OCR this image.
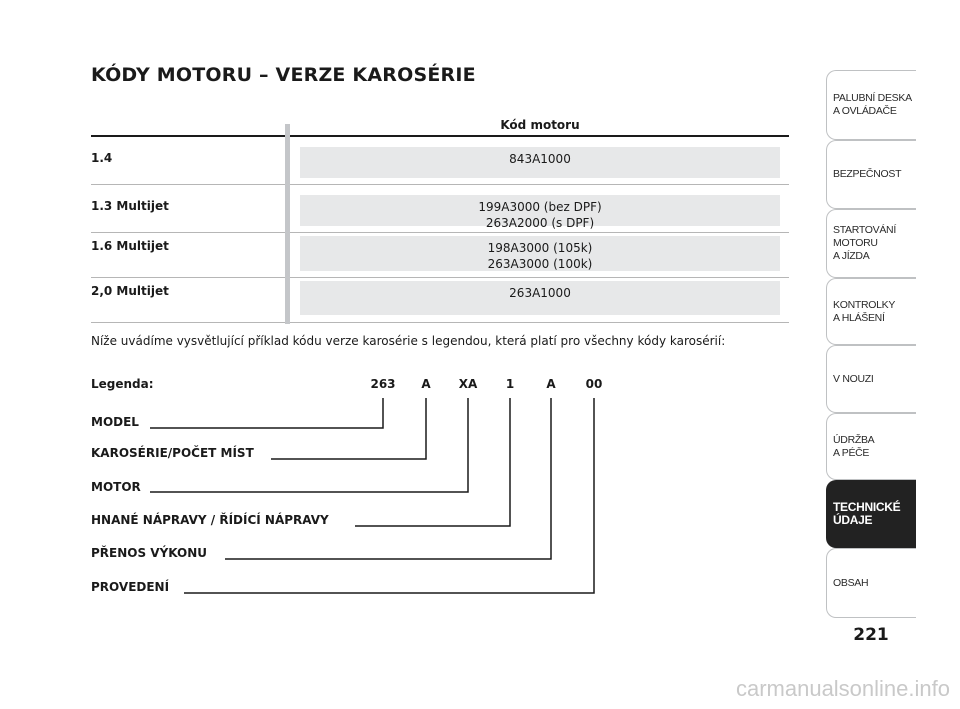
KÓDY MOTORU – VERZE KAROSÉRIE
Kód motoru
1.4	843A1000
1.3 Multijet	199A3000 (bez DPF)
263A2000 (s DPF)
1.6 Multijet	198A3000 (105k)
263A3000 (100k)
2,0 Multijet	263A1000

Níže uvádíme vysvětlující příklad kódu verze karosérie s legendou, která platí pro všechny kódy karosérií:

Legenda:	263	A	XA	1	A	00
MODEL
KAROSÉRIE/POČET MÍST
MOTOR
HNANÉ NÁPRAVY / ŘÍDÍCÍ NÁPRAVY
PŘENOS VÝKONU
PROVEDENÍ
PALUBNÍ DESKA
A OVLÁDAČE
BEZPEČNOST
STARTOVÁNÍ
MOTORU
A JÍZDA
KONTROLKY
A HLÁŠENÍ
V NOUZI
ÚDRŽBA
A PÉČE
TECHNICKÉ
ÚDAJE
OBSAH
221
carmanualsonline.info
